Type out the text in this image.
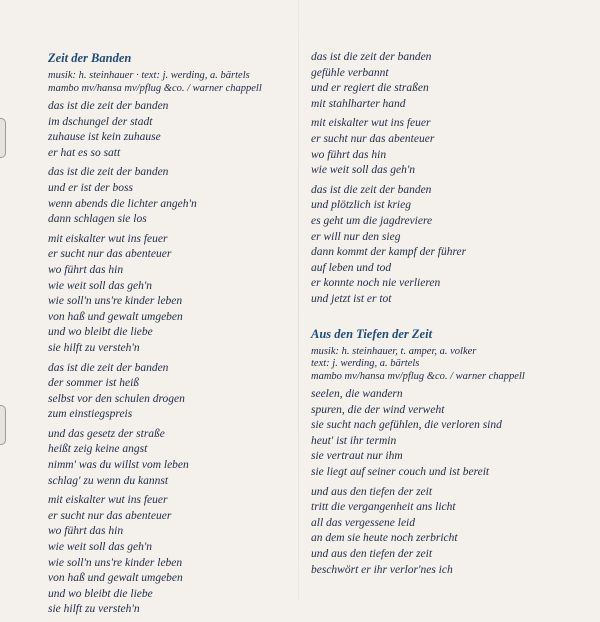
Zeit der Banden
musik: h. steinhauer · text: j. werding, a. bärtels
mambo mv/hansa mv/pflug &co. / warner chappell
das ist die zeit der banden
im dschungel der stadt
zuhause ist kein zuhause
er hat es so satt
das ist die zeit der banden
und er ist der boss
wenn abends die lichter angeh'n
dann schlagen sie los
mit eiskalter wut ins feuer
er sucht nur das abenteuer
wo führt das hin
wie weit soll das geh'n
wie soll'n uns're kinder leben
von haß und gewalt umgeben
und wo bleibt die liebe
sie hilft zu versteh'n
das ist die zeit der banden
der sommer ist heiß
selbst vor den schulen drogen
zum einstiegspreis
und das gesetz der straße
heißt zeig keine angst
nimm' was du willst vom leben
schlag' zu wenn du kannst
mit eiskalter wut ins feuer
er sucht nur das abenteuer
wo führt das hin
wie weit soll das geh'n
wie soll'n uns're kinder leben
von haß und gewalt umgeben
und wo bleibt die liebe
sie hilft zu versteh'n
das ist die zeit der banden
gefühle verbannt
und er regiert die straßen
mit stahlharter hand
mit eiskalter wut ins feuer
er sucht nur das abenteuer
wo führt das hin
wie weit soll das geh'n
das ist die zeit der banden
und plötzlich ist krieg
es geht um die jagdreviere
er will nur den sieg
dann kommt der kampf der führer
auf leben und tod
er konnte noch nie verlieren
und jetzt ist er tot
Aus den Tiefen der Zeit
musik: h. steinhauer, t. amper, a. volker
text: j. werding, a. bärtels
mambo mv/hansa mv/pflug &co. / warner chappell
seelen, die wandern
spuren, die der wind verweht
sie sucht nach gefühlen, die verloren sind
heut' ist ihr termin
sie vertraut nur ihm
sie liegt auf seiner couch und ist bereit
und aus den tiefen der zeit
tritt die vergangenheit ans licht
all das vergessene leid
an dem sie heute noch zerbricht
und aus den tiefen der zeit
beschwört er ihr verlor'nes ich
